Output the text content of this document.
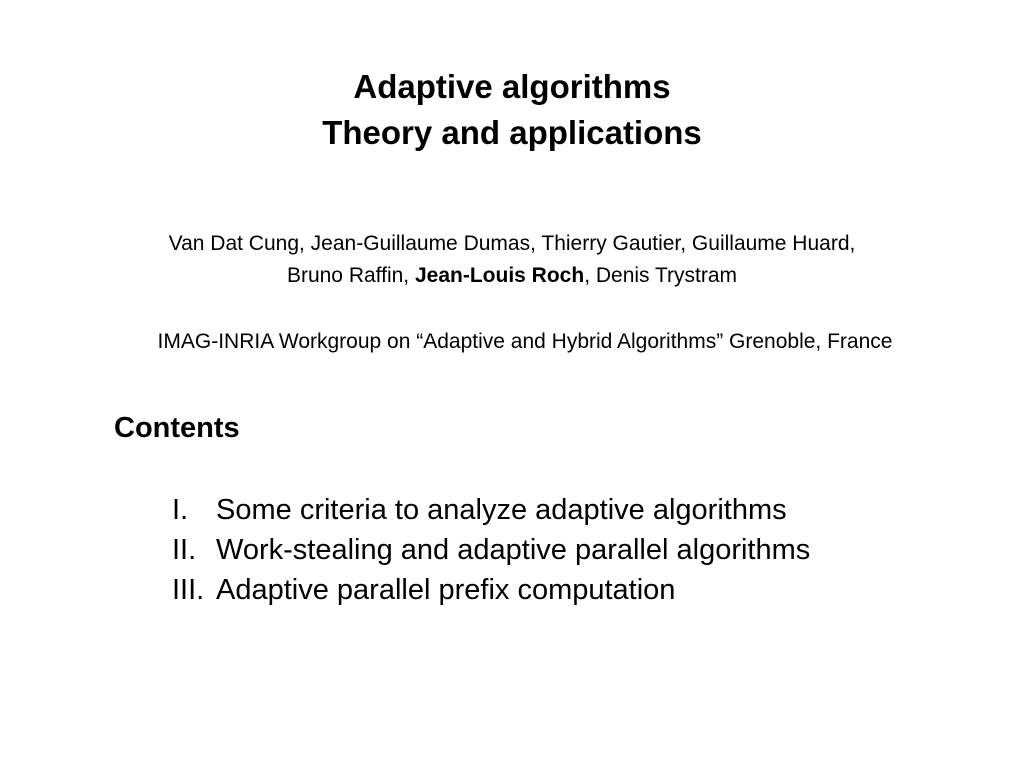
Adaptive algorithms
Theory and applications
Van Dat Cung, Jean-Guillaume Dumas, Thierry Gautier, Guillaume Huard,
Bruno Raffin, Jean-Louis Roch, Denis Trystram
IMAG-INRIA Workgroup on “Adaptive and Hybrid Algorithms” Grenoble, France
Contents
I. Some criteria to analyze adaptive algorithms
II. Work-stealing and adaptive parallel algorithms
III. Adaptive parallel prefix computation
